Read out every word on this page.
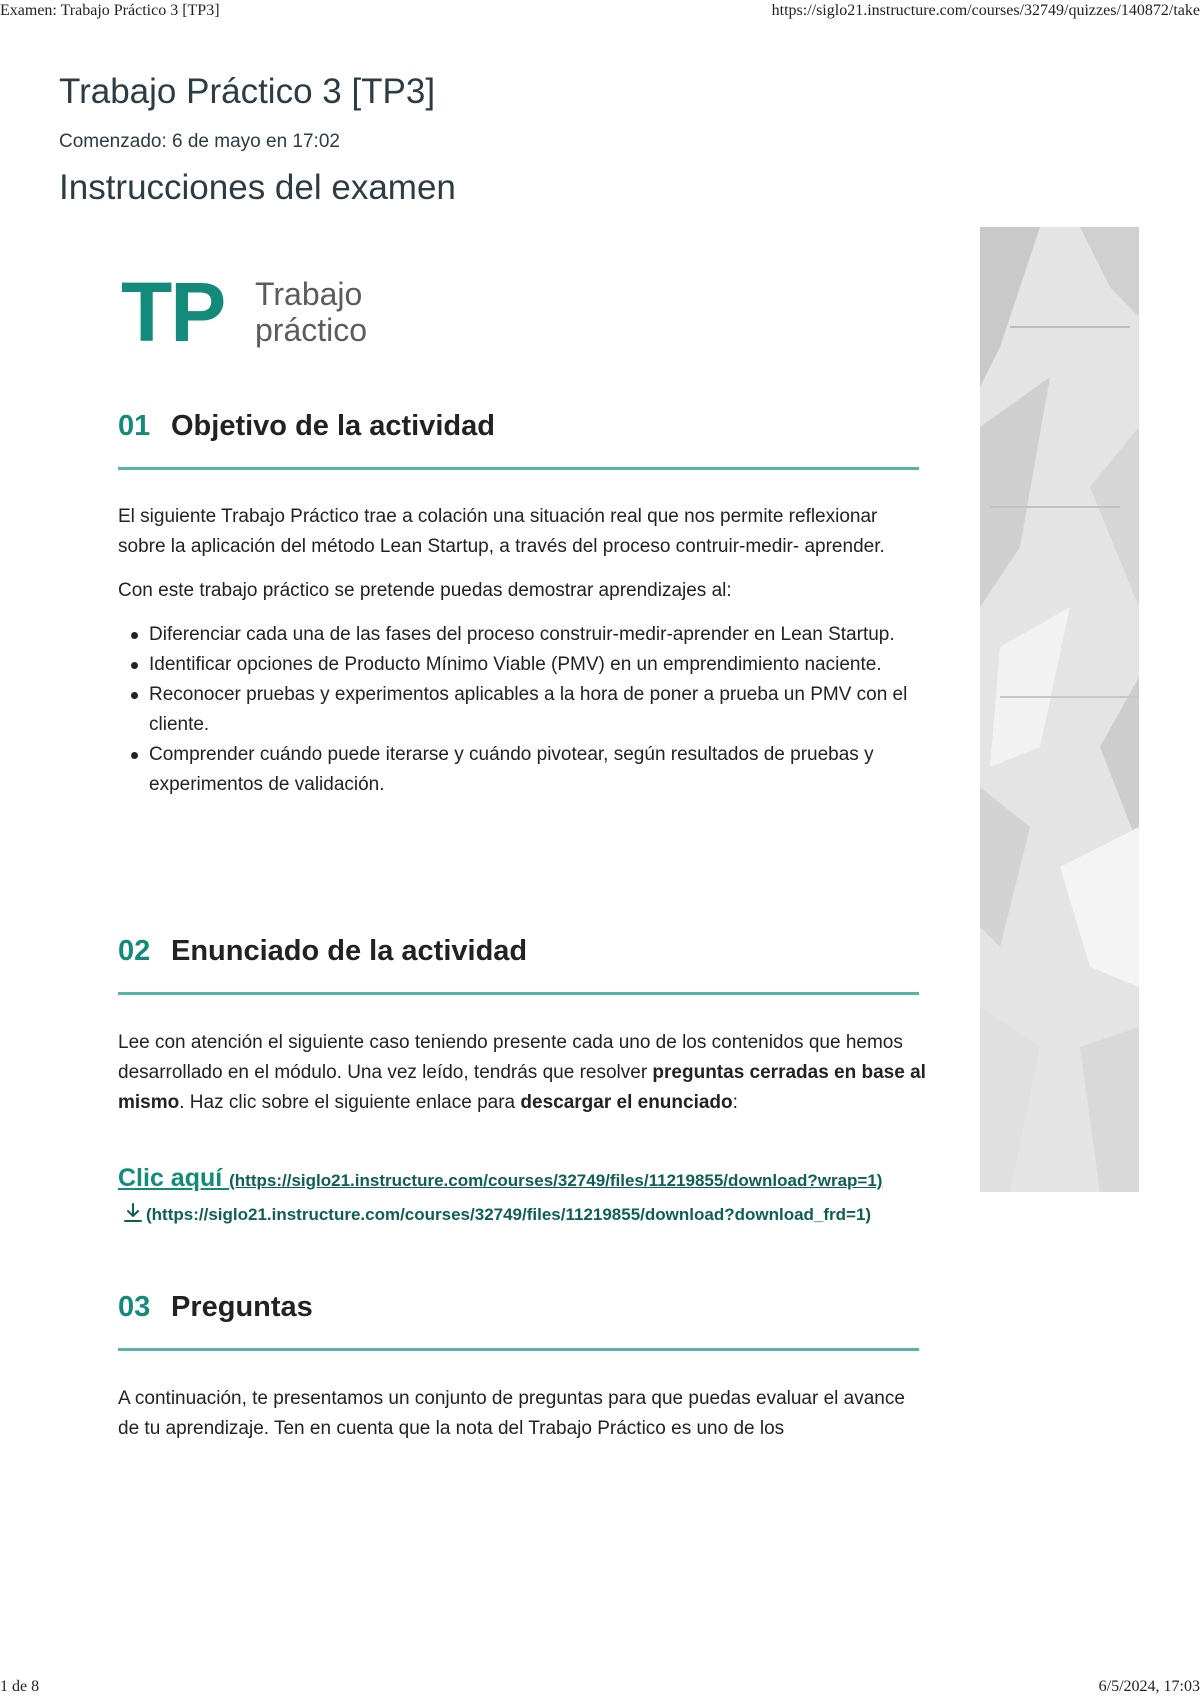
Examen: Trabajo Práctico 3 [TP3]	https://siglo21.instructure.com/courses/32749/quizzes/140872/take
Trabajo Práctico 3 [TP3]
Comenzado: 6 de mayo en 17:02
Instrucciones del examen
TP Trabajo
práctico
01 Objetivo de la actividad

El siguiente Trabajo Práctico trae a colación una situación real que nos permite reflexionar sobre la aplicación del método Lean Startup, a través del proceso contruir-medir- aprender.

Con este trabajo práctico se pretende puedas demostrar aprendizajes al:

Diferenciar cada una de las fases del proceso construir-medir-aprender en Lean Startup.
Identificar opciones de Producto Mínimo Viable (PMV) en un emprendimiento naciente.
Reconocer pruebas y experimentos aplicables a la hora de poner a prueba un PMV con el cliente.
Comprender cuándo puede iterarse y cuándo pivotear, según resultados de pruebas y experimentos de validación.
02 Enunciado de la actividad

Lee con atención el siguiente caso teniendo presente cada uno de los contenidos que hemos desarrollado en el módulo. Una vez leído, tendrás que resolver preguntas cerradas en base al mismo. Haz clic sobre el siguiente enlace para descargar el enunciado:

Clic aquí (https://siglo21.instructure.com/courses/32749/files/11219855/download?wrap=1)
(https://siglo21.instructure.com/courses/32749/files/11219855/download?download_frd=1)
03 Preguntas

A continuación, te presentamos un conjunto de preguntas para que puedas evaluar el avance de tu aprendizaje. Ten en cuenta que la nota del Trabajo Práctico es uno de los

1 de 8	6/5/2024, 17:03
